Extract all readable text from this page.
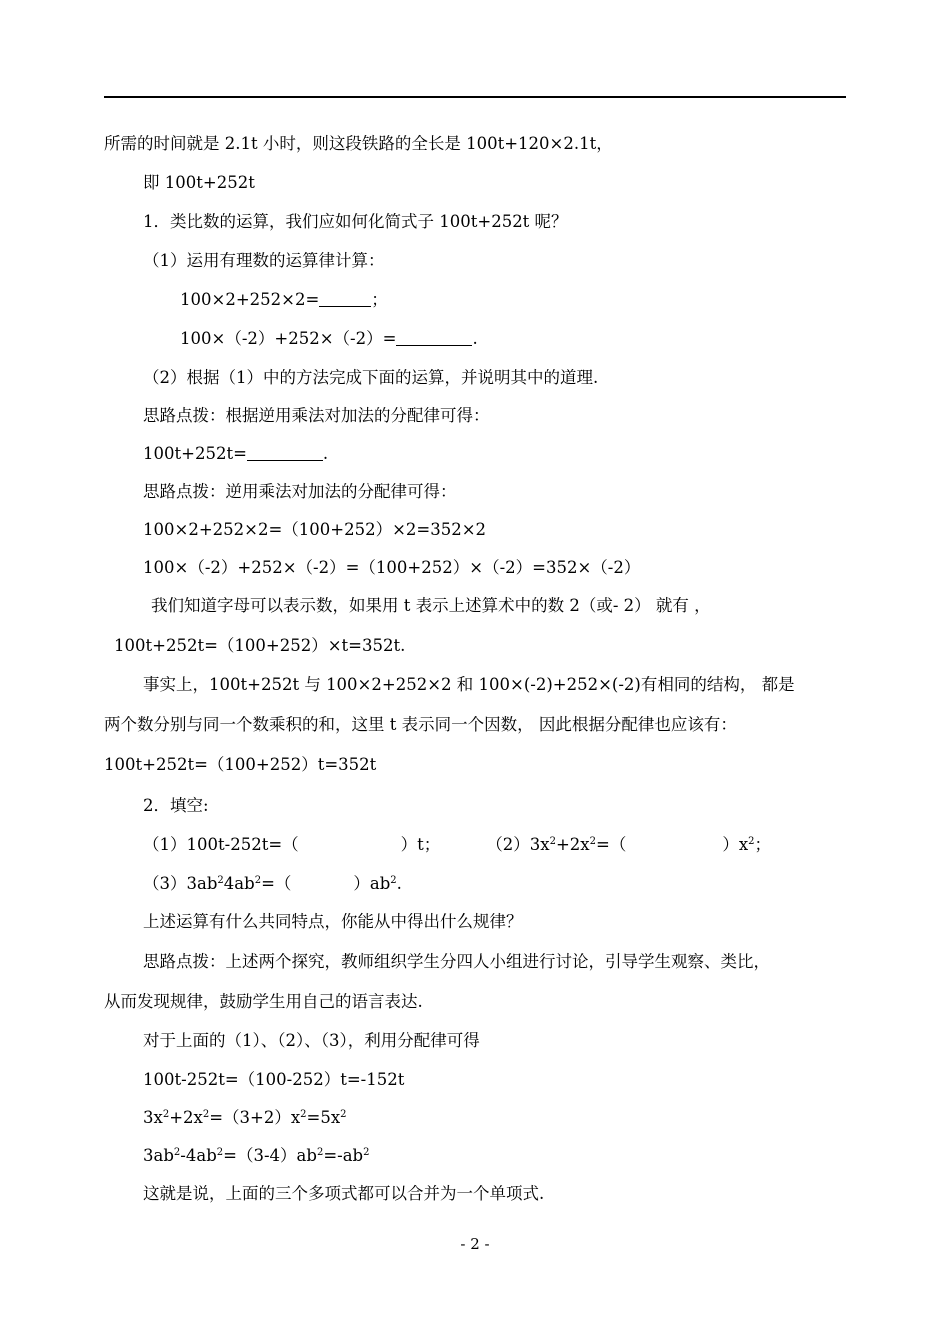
所需的时间就是 2.1t 小时，则这段铁路的全长是 100t+120×2.1t，
即 100t+252t
1．类比数的运算，我们应如何化简式子 100t+252t 呢？
（1）运用有理数的运算律计算：
100×2+252×2=	；
100×（-2）+252×（-2）=	.
（2）根据（1）中的方法完成下面的运算，并说明其中的道理.
思路点拨：根据逆用乘法对加法的分配律可得：
100t+252t=	.
思路点拨：逆用乘法对加法的分配律可得：
100×2+252×2=（100+252）×2=352×2
100×（-2）+252×（-2）=（100+252）×（-2）=352×（-2）
我们知道字母可以表示数，如果用 t 表示上述算术中的数 2（或- 2） 就有 ，
100t+252t=（100+252）×t=352t.
事实上，100t+252t 与 100×2+252×2 和 100×(-2)+252×(-2)有相同的结构， 都是
两个数分别与同一个数乘积的和，这里 t 表示同一个因数， 因此根据分配律也应该有：
100t+252t=（100+252）t=352t
2．填空:
（1）100t-252t=（	）t；	$(2)3x^2+2x^2=$（	）$x^2$；
$(3)3ab^24ab^2=$（	）$ab^2$.
上述运算有什么共同特点，你能从中得出什么规律？
思路点拨：上述两个探究，教师组织学生分四人小组进行讨论，引导学生观察、类比，
从而发现规律，鼓励学生用自己的语言表达.
对于上面的（1）、（2）、（3），利用分配律可得
100t-252t=（100-252）t=-152t
$3x^2+2x^2=(3+2)x^2=5x^2$
$3ab^2-4ab^2=(3-4)ab^2=-ab^2$
这就是说，上面的三个多项式都可以合并为一个单项式.
- 2 -
